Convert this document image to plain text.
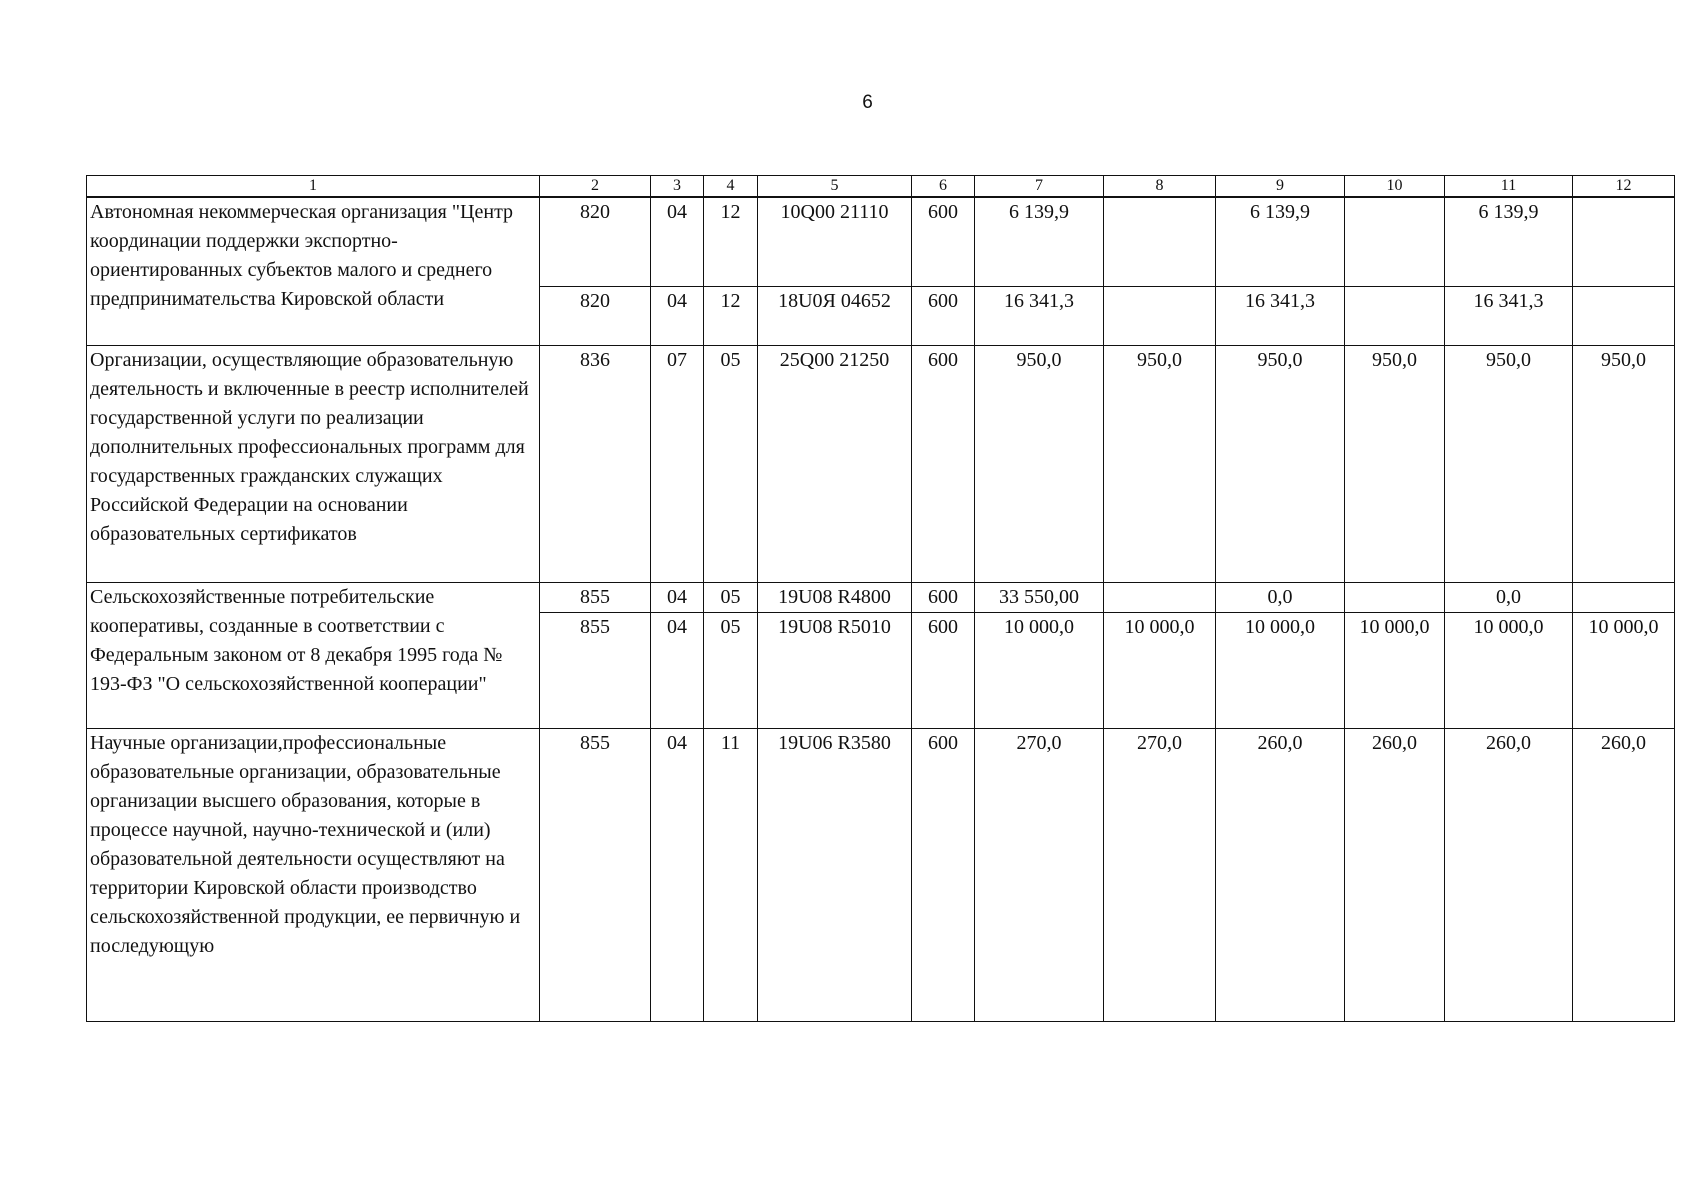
6
1	2	3	4	5	6	7	8	9	10	11	12
Автономная некоммерческая организация "Центр координации поддержки экспортно-ориентированных субъектов малого и среднего предпринимательства Кировской области	820	04	12	10Q00 21110	600	6 139,9		6 139,9		6 139,9	
	820	04	12	18U0Я 04652	600	16 341,3		16 341,3		16 341,3	
Организации, осуществляющие образовательную деятельность и включенные в реестр исполнителей государственной услуги по реализации дополнительных профессиональных программ для государственных гражданских служащих Российской Федерации на основании образовательных сертификатов	836	07	05	25Q00 21250	600	950,0	950,0	950,0	950,0	950,0	950,0
Сельскохозяйственные потребительские кооперативы, созданные в соответствии с Федеральным законом от 8 декабря 1995 года № 193-ФЗ "О сельскохозяйственной кооперации"	855	04	05	19U08 R4800	600	33 550,00		0,0		0,0	
	855	04	05	19U08 R5010	600	10 000,0	10 000,0	10 000,0	10 000,0	10 000,0	10 000,0
Научные организации,профессиональные образовательные организации, образовательные организации высшего образования, которые в процессе научной, научно-технической и (или) образовательной деятельности осуществляют на территории Кировской области производство сельскохозяйственной продукции, ее первичную и последующую	855	04	11	19U06 R3580	600	270,0	270,0	260,0	260,0	260,0	260,0
